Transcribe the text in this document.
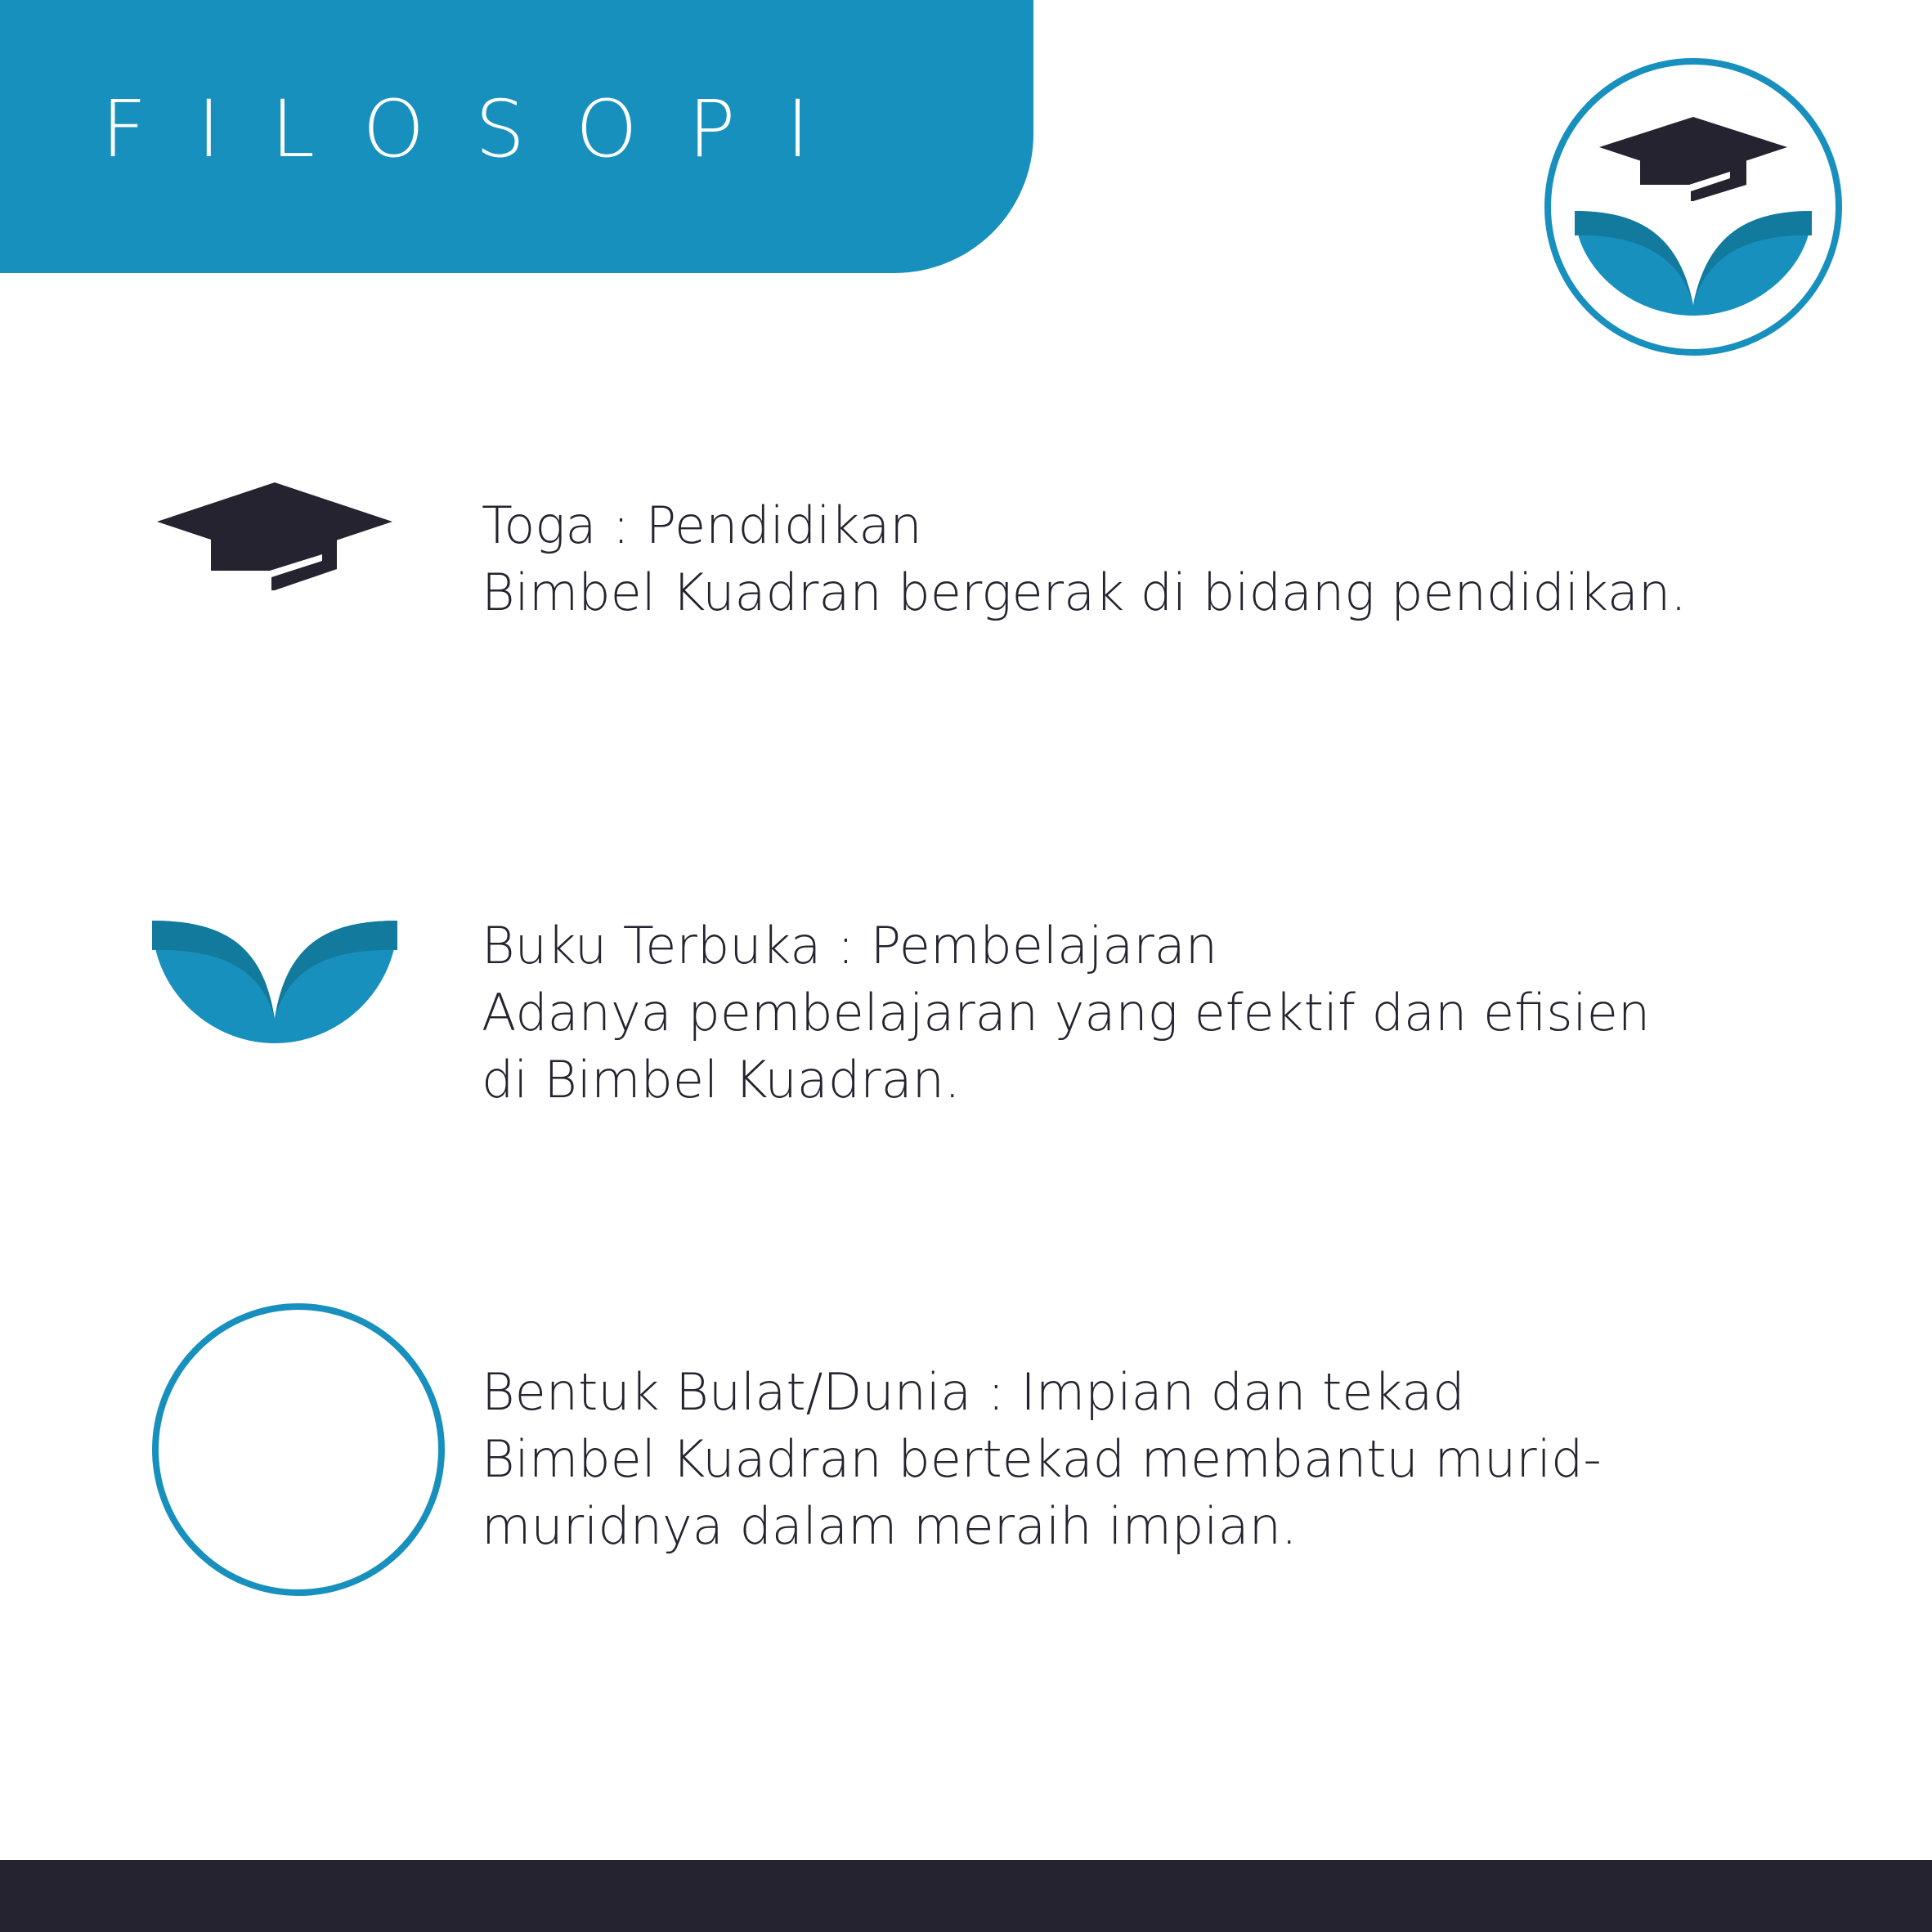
FILOSOPI

Toga : Pendidikan

Bimbel Kuadran bergerak di bidang pendidikan.

Buku Terbuka : Pembelajaran

Adanya pembelajaran yang efektif dan efisien

di Bimbel Kuadran.

Bentuk Bulat/Dunia : Impian dan tekad

Bimbel Kuadran bertekad membantu murid-

muridnya dalam meraih impian.
